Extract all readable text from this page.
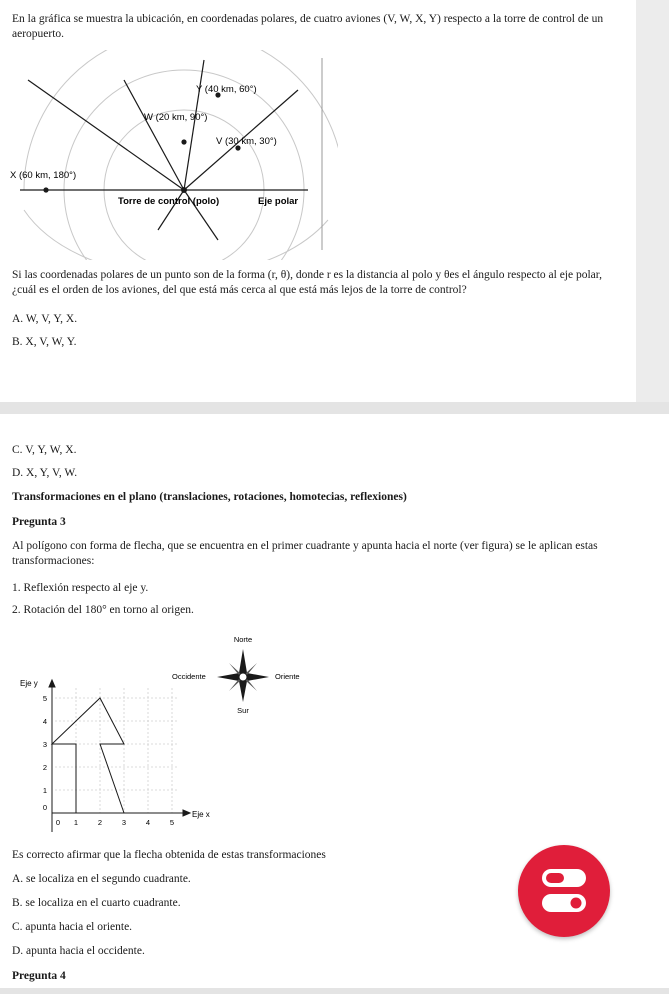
En la gráfica se muestra la ubicación, en coordenadas polares, de cuatro aviones (V, W, X, Y) respecto a la torre de control de un aeropuerto.

Y (40 km, 60°)
W (20 km, 90°)
V (30 km, 30°)
X (60 km, 180°)
Torre de control (polo)	Eje polar

Si las coordenadas polares de un punto son de la forma (r, θ), donde r es la distancia al polo y θes el ángulo respecto al eje polar, ¿cuál es el orden de los aviones, del que está más cerca al que está más lejos de la torre de control?

A. W, V, Y, X.
B. X, V, W, Y.
C. V, Y, W, X.
D. X, Y, V, W.
Transformaciones en el plano (translaciones, rotaciones, homotecias, reflexiones)
Pregunta 3

Al polígono con forma de flecha, que se encuentra en el primer cuadrante y apunta hacia el norte (ver figura) se le aplican estas transformaciones:

1. Reflexión respecto al eje y.
2. Rotación del 180° en torno al origen.
Norte
Sur
Occidente	Oriente
Eje y
Eje x
0
1
2
3
4
5
0 1	2	3	4	5
Es correcto afirmar que la flecha obtenida de estas transformaciones
A. se localiza en el segundo cuadrante.
B. se localiza en el cuarto cuadrante.
C. apunta hacia el oriente.
D. apunta hacia el occidente.
Pregunta 4
